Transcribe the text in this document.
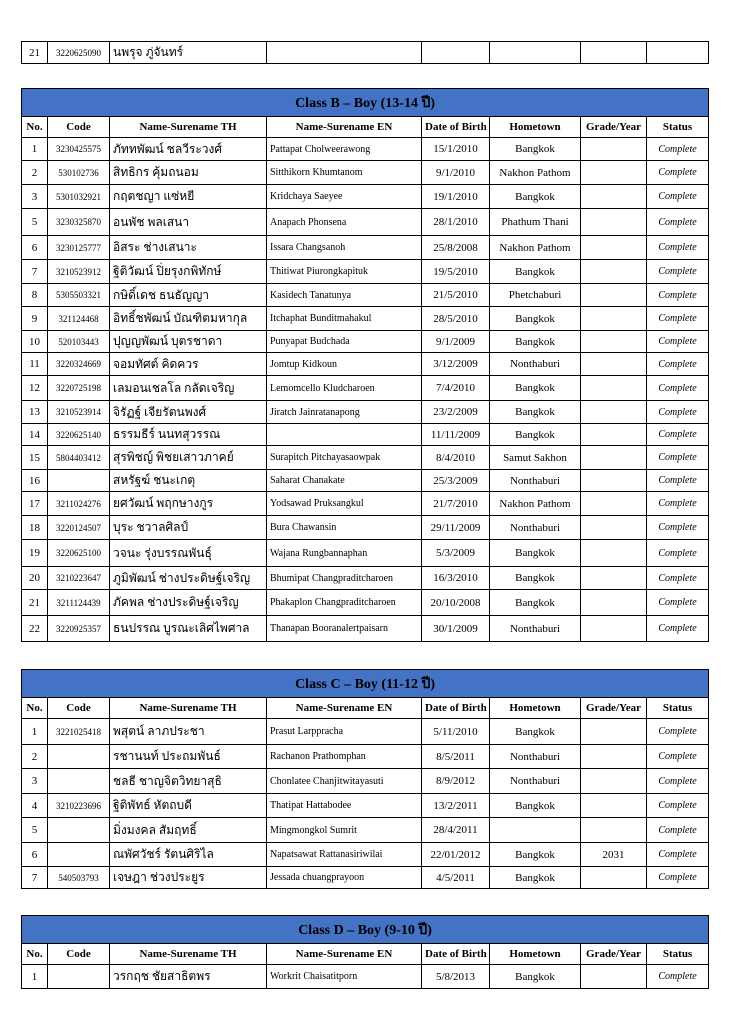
21	3220625090	นพรุจ ภู่จันทร์					
Class B – Boy (13-14 ปี)							
No.	Code	Name-Surename TH	Name-Surename EN	Date of Birth	Hometown	Grade/Year	Status
1	3230425575	ภัททพัฒน์ ชลวีระวงศ์	Pattapat Cholweerawong	15/1/2010	Bangkok		Complete
2	530102736	สิทธิกร คุ้มถนอม	Sitthikorn Khumtanom	9/1/2010	Nakhon Pathom		Complete
3	5301032921	กฤตชญา แซ่หยี	Kridchaya Saeyee	19/1/2010	Bangkok		Complete
5	3230325870	อนพัช พลเสนา	Anapach Phonsena	28/1/2010	Phathum Thani		Complete
6	3230125777	อิสระ ช่างเสนาะ	Issara Changsanoh	25/8/2008	Nakhon Pathom		Complete
7	3210523912	ฐิติวัฒน์ ปิ่ยรุงกพิทักษ์	Thitiwat Piurongkapituk	19/5/2010	Bangkok		Complete
8	5305503321	กษิดิ์เดช ธนธัญญา	Kasidech Tanatunya	21/5/2010	Phetchaburi		Complete
9	321124468	อิทธิ์ชพัฒน์ บัณฑิตมหากุล	Itchaphat Bunditmahakul	28/5/2010	Bangkok		Complete
10	520103443	ปุญญพัฒน์ บุตรชาดา	Punyapat Budchada	9/1/2009	Bangkok		Complete
11	3220324669	จอมทัศต์ คิดควร	Jomtup Kidkoun	3/12/2009	Nonthaburi		Complete
12	3220725198	เลมอนเชลโล กลัดเจริญ	Lemomcello Kludcharoen	7/4/2010	Bangkok		Complete
13	3210523914	จิรัฏฐ์ เจียรัตนพงศ์	Jiratch Jainratanapong	23/2/2009	Bangkok		Complete
14	3220625140	ธรรมธีร์ นนทสุวรรณ		11/11/2009	Bangkok		Complete
15	5804403412	สุรพิชญ์ พิชยเสาวภาคย์	Surapitch Pitchayasaowpak	8/4/2010	Samut Sakhon		Complete
16		สหรัฐฆ์ ชนะเกตุ	Saharat Chanakate	25/3/2009	Nonthaburi		Complete
17	3211024276	ยศวัฒน์ พฤกษางกูร	Yodsawad Pruksangkul	21/7/2010	Nakhon Pathom		Complete
18	3220124507	บุระ ชวาลศิลป์	Bura Chawansin	29/11/2009	Nonthaburi		Complete
19	3220625100	วจนะ รุ่งบรรณพันธุ์	Wajana Rungbannaphan	5/3/2009	Bangkok		Complete
20	3210223647	ภูมิพัฒน์ ช่างประดิษฐ์เจริญ	Bhumipat Changpraditcharoen	16/3/2010	Bangkok		Complete
21	3211124439	ภัคพล ช่างประดิษฐ์เจริญ	Phakaplon Changpraditcharoen	20/10/2008	Bangkok		Complete
22	3220925357	ธนปรรณ บูรณะเลิศไพศาล	Thanapan Booranalertpaisarn	30/1/2009	Nonthaburi		Complete
Class C – Boy (11-12 ปี)							
No.	Code	Name-Surename TH	Name-Surename EN	Date of Birth	Hometown	Grade/Year	Status
1	3221025418	พสุตน์ ลาภประชา	Prasut Larppracha	5/11/2010	Bangkok		Complete
2		รชานนท์ ประถมพันธ์	Rachanon Prathomphan	8/5/2011	Nonthaburi		Complete
3		ชลธี ชาญจิตวิทยาสุธิ	Chonlatee Chanjitwitayasuti	8/9/2012	Nonthaburi		Complete
4	3210223696	ฐิติพัทธ์ หัตถบดี	Thatipat Hattabodee	13/2/2011	Bangkok		Complete
5		มิ่งมงคล สัมฤทธิ์	Mingmongkol Sumrit	28/4/2011			Complete
6		ณพัศวัชร์ รัตนศิริไล	Napatsawat Rattanasiriwilai	22/01/2012	Bangkok	2031	Complete
7	540503793	เจษฎา ช่วงประยูร	Jessada chuangprayoon	4/5/2011	Bangkok		Complete
Class D – Boy (9-10 ปี)							
No.	Code	Name-Surename TH	Name-Surename EN	Date of Birth	Hometown	Grade/Year	Status
1		วรกฤช ชัยสาธิตพร	Workrit Chaisatitporn	5/8/2013	Bangkok		Complete
